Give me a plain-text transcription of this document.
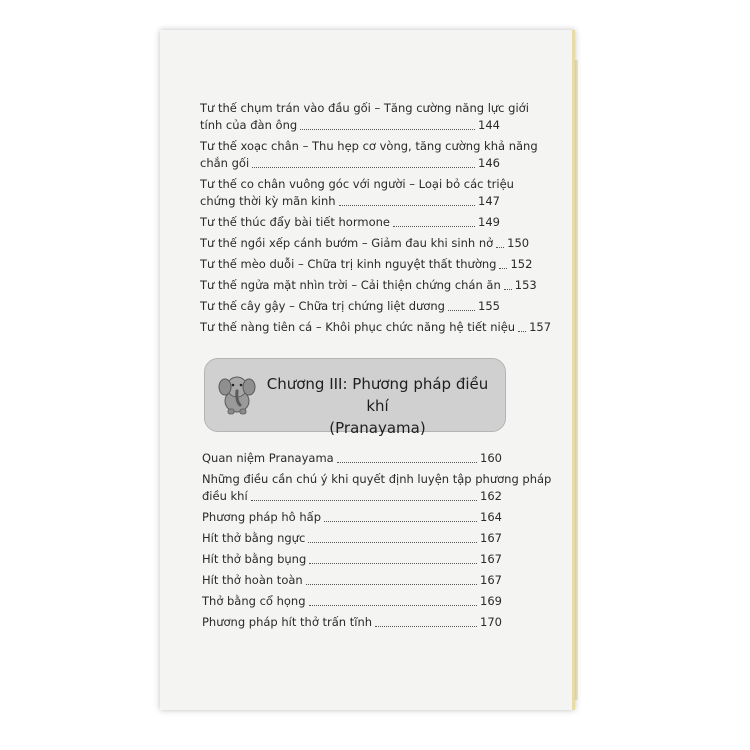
Tư thế chụm trán vào đầu gối – Tăng cường năng lực giới
tính của đàn ông	144
Tư thế xoạc chân – Thu hẹp cơ vòng, tăng cường khả năng
chắn gối	146
Tư thế co chân vuông góc với người – Loại bỏ các triệu
chứng thời kỳ mãn kinh	147
Tư thế thúc đẩy bài tiết hormone	149
Tư thế ngồi xếp cánh bướm – Giảm đau khi sinh nở 150
Tư thế mèo duỗi – Chữa trị kinh nguyệt thất thường 152
Tư thế ngửa mặt nhìn trời – Cải thiện chứng chán ăn 153
Tư thế cây gậy – Chữa trị chứng liệt dương	155
Tư thế nàng tiên cá – Khôi phục chức năng hệ tiết niệu 157
Chương III: Phương pháp điều khí
(Pranayama)
Quan niệm Pranayama	160
Những điều cần chú ý khi quyết định luyện tập phương pháp
điều khí	162
Phương pháp hô hấp	164
Hít thở bằng ngực	167
Hít thở bằng bụng	167
Hít thở hoàn toàn	167
Thở bằng cổ họng	169
Phương pháp hít thở trấn tĩnh	170
